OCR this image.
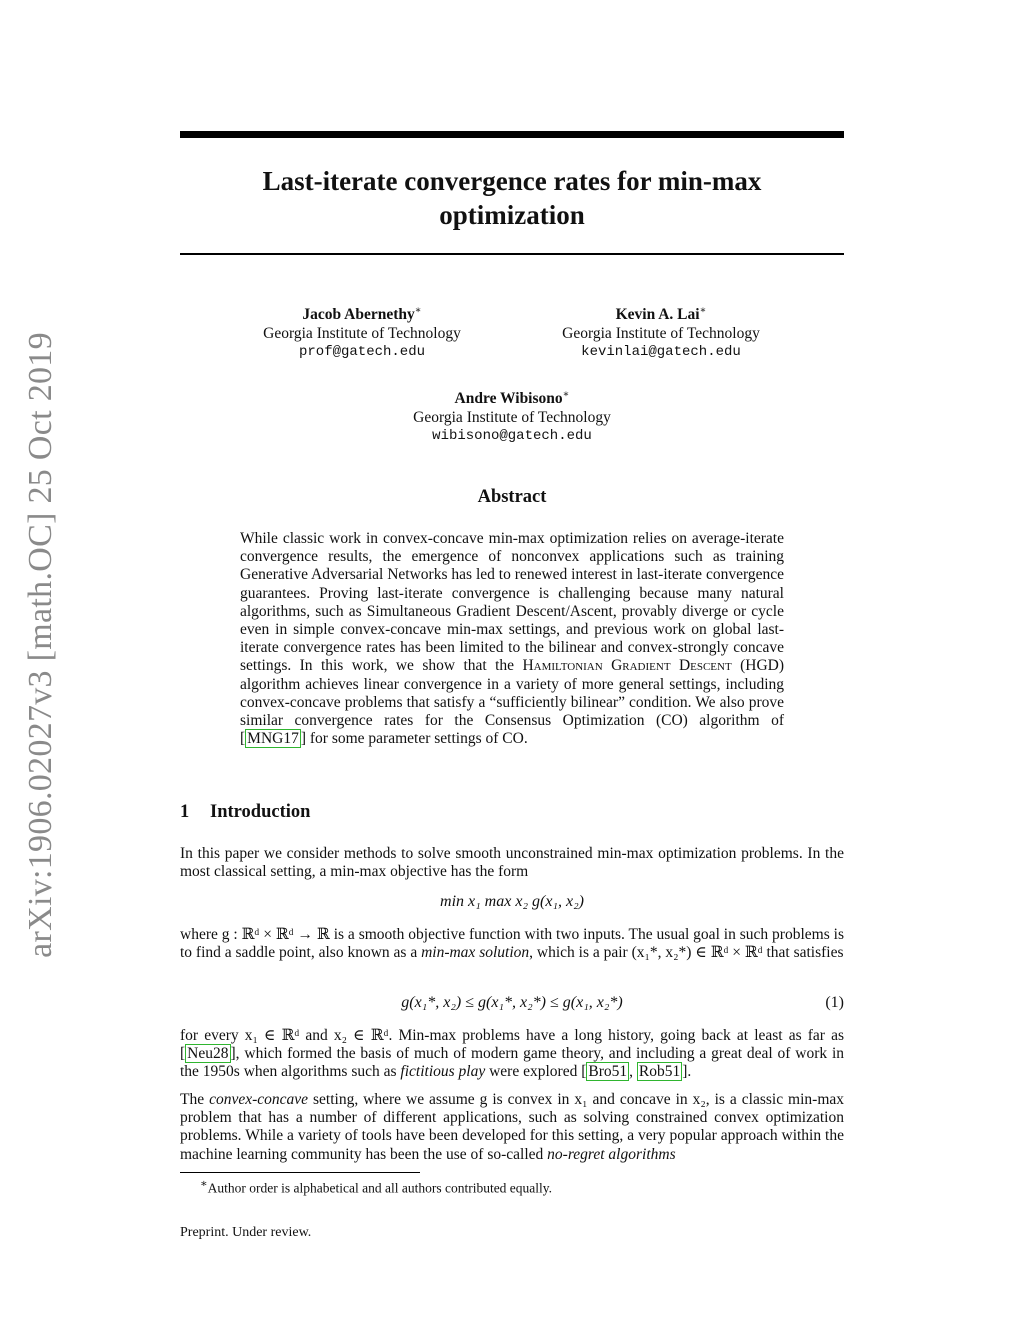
arXiv:1906.02027v3 [math.OC] 25 Oct 2019
Last-iterate convergence rates for min-max
optimization
Jacob Abernethy∗
Georgia Institute of Technology
prof@gatech.edu
Kevin A. Lai∗
Georgia Institute of Technology
kevinlai@gatech.edu
Andre Wibisono∗
Georgia Institute of Technology
wibisono@gatech.edu
Abstract
While classic work in convex-concave min-max optimization relies on average-iterate convergence results, the emergence of nonconvex applications such as training Generative Adversarial Networks has led to renewed interest in last-iterate convergence guarantees. Proving last-iterate convergence is challenging because many natural algorithms, such as Simultaneous Gradient Descent/Ascent, provably diverge or cycle even in simple convex-concave min-max settings, and previous work on global last-iterate convergence rates has been limited to the bilinear and convex-strongly concave settings. In this work, we show that the Hamiltonian Gradient Descent (HGD) algorithm achieves linear convergence in a variety of more general settings, including convex-concave problems that satisfy a “sufficiently bilinear” condition. We also prove similar convergence rates for the Consensus Optimization (CO) algorithm of [ MNG17 ] for some parameter settings of CO.
1 Introduction
In this paper we consider methods to solve smooth unconstrained min-max optimization problems. In the most classical setting, a min-max objective has the form
min x₁ max x₂ g(x₁, x₂)
where g : ℝᵈ × ℝᵈ → ℝ is a smooth objective function with two inputs. The usual goal in such problems is to find a saddle point, also known as a min-max solution, which is a pair (x₁*, x₂*) ∈ ℝᵈ × ℝᵈ that satisfies
g(x₁*, x₂) ≤ g(x₁*, x₂*) ≤ g(x₁, x₂*)	(1)
for every x₁ ∈ ℝᵈ and x₂ ∈ ℝᵈ. Min-max problems have a long history, going back at least as far as [ Neu28 ], which formed the basis of much of modern game theory, and including a great deal of work in the 1950s when algorithms such as fictitious play were explored [ Bro51 , Rob51 ].
The convex-concave setting, where we assume g is convex in x₁ and concave in x₂, is a classic min-max problem that has a number of different applications, such as solving constrained convex optimization problems. While a variety of tools have been developed for this setting, a very popular approach within the machine learning community has been the use of so-called no-regret algorithms
∗Author order is alphabetical and all authors contributed equally.
Preprint. Under review.
